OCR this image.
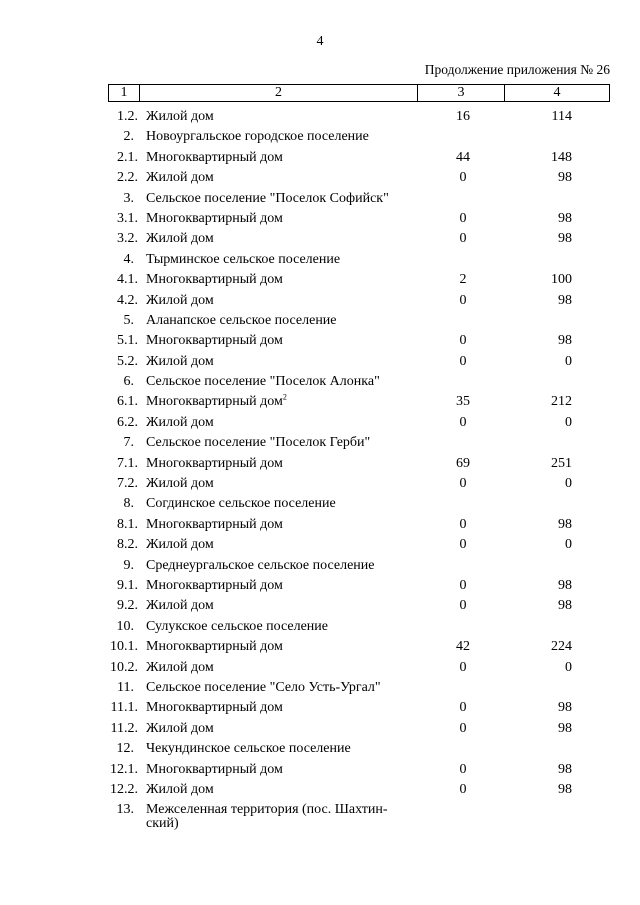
4
Продолжение приложения № 26
1	2	3	4
1.2. Жилой дом	16	114
2. Новоургальское городское поселение
2.1. Многоквартирный дом	44	148
2.2. Жилой дом	0	98
3. Сельское поселение "Поселок Софийск"
3.1. Многоквартирный дом	0	98
3.2. Жилой дом	0	98
4. Тырминское сельское поселение
4.1. Многоквартирный дом	2	100
4.2. Жилой дом	0	98
5. Аланапское сельское поселение
5.1. Многоквартирный дом	0	98
5.2. Жилой дом	0	0
6. Сельское поселение "Поселок Алонка"
6.1. Многоквартирный дом$^2$	35	212
6.2. Жилой дом	0	0
7. Сельское поселение "Поселок Герби"
7.1. Многоквартирный дом	69	251
7.2. Жилой дом	0	0
8. Согдинское сельское поселение
8.1. Многоквартирный дом	0	98
8.2. Жилой дом	0	0
9. Среднеургальское сельское поселение
9.1. Многоквартирный дом	0	98
9.2. Жилой дом	0	98
10. Сулукское сельское поселение
10.1. Многоквартирный дом	42	224
10.2. Жилой дом	0	0
11. Сельское поселение "Село Усть-Ургал"
11.1. Многоквартирный дом	0	98
11.2. Жилой дом	0	98
12. Чекундинское сельское поселение
12.1. Многоквартирный дом	0	98
12.2. Жилой дом	0	98
13. Межселенная территория (пос. Шахтин-
ский)
